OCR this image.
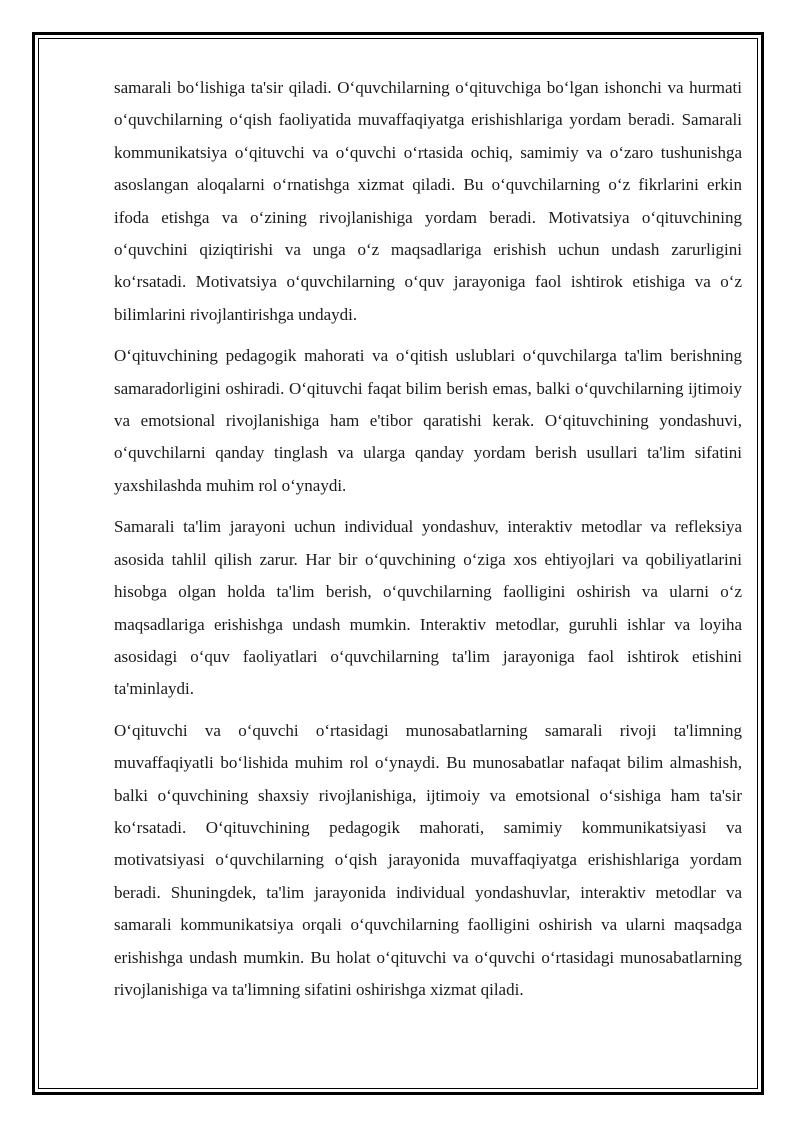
samarali bo‘lishiga ta'sir qiladi. O‘quvchilarning o‘qituvchiga bo‘lgan ishonchi va hurmati o‘quvchilarning o‘qish faoliyatida muvaffaqiyatga erishishlariga yordam beradi. Samarali kommunikatsiya o‘qituvchi va o‘quvchi o‘rtasida ochiq, samimiy va o‘zaro tushunishga asoslangan aloqalarni o‘rnatishga xizmat qiladi. Bu o‘quvchilarning o‘z fikrlarini erkin ifoda etishga va o‘zining rivojlanishiga yordam beradi. Motivatsiya o‘qituvchining o‘quvchini qiziqtirishi va unga o‘z maqsadlariga erishish uchun undash zarurligini ko‘rsatadi. Motivatsiya o‘quvchilarning o‘quv jarayoniga faol ishtirok etishiga va o‘z bilimlarini rivojlantirishga undaydi.

O‘qituvchining pedagogik mahorati va o‘qitish uslublari o‘quvchilarga ta'lim berishning samaradorligini oshiradi. O‘qituvchi faqat bilim berish emas, balki o‘quvchilarning ijtimoiy va emotsional rivojlanishiga ham e'tibor qaratishi kerak. O‘qituvchining yondashuvi, o‘quvchilarni qanday tinglash va ularga qanday yordam berish usullari ta'lim sifatini yaxshilashda muhim rol o‘ynaydi.

Samarali ta'lim jarayoni uchun individual yondashuv, interaktiv metodlar va refleksiya asosida tahlil qilish zarur. Har bir o‘quvchining o‘ziga xos ehtiyojlari va qobiliyatlarini hisobga olgan holda ta'lim berish, o‘quvchilarning faolligini oshirish va ularni o‘z maqsadlariga erishishga undash mumkin. Interaktiv metodlar, guruhli ishlar va loyiha asosidagi o‘quv faoliyatlari o‘quvchilarning ta'lim jarayoniga faol ishtirok etishini ta'minlaydi.

O‘qituvchi va o‘quvchi o‘rtasidagi munosabatlarning samarali rivoji ta'limning muvaffaqiyatli bo‘lishida muhim rol o‘ynaydi. Bu munosabatlar nafaqat bilim almashish, balki o‘quvchining shaxsiy rivojlanishiga, ijtimoiy va emotsional o‘sishiga ham ta'sir ko‘rsatadi. O‘qituvchining pedagogik mahorati, samimiy kommunikatsiyasi va motivatsiyasi o‘quvchilarning o‘qish jarayonida muvaffaqiyatga erishishlariga yordam beradi. Shuningdek, ta'lim jarayonida individual yondashuvlar, interaktiv metodlar va samarali kommunikatsiya orqali o‘quvchilarning faolligini oshirish va ularni maqsadga erishishga undash mumkin. Bu holat o‘qituvchi va o‘quvchi o‘rtasidagi munosabatlarning rivojlanishiga va ta'limning sifatini oshirishga xizmat qiladi.
